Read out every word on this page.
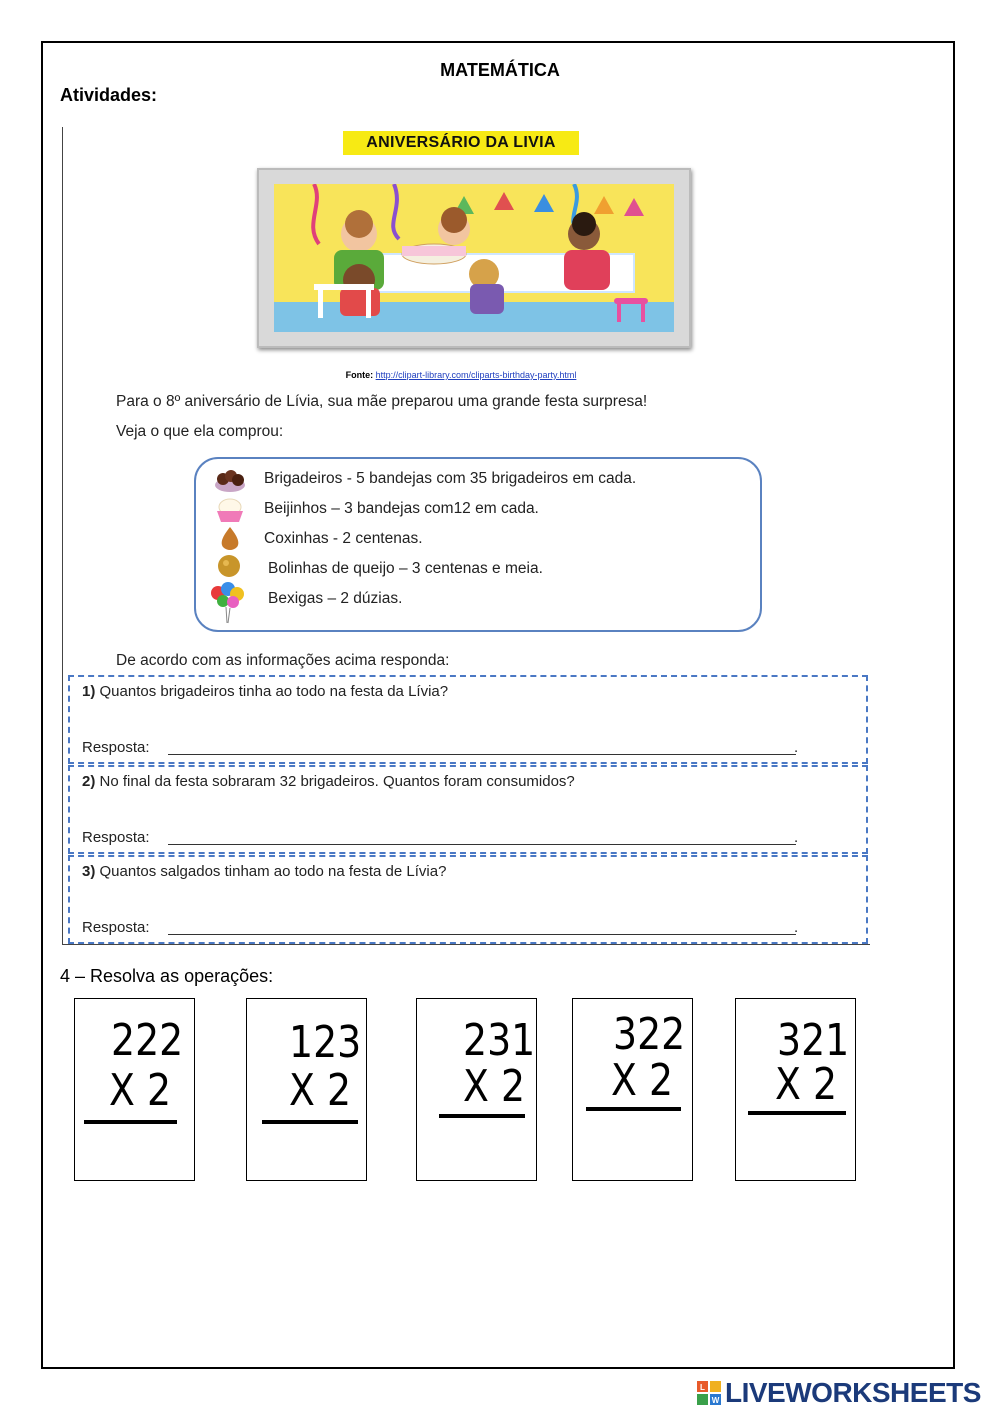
MATEMÁTICA
Atividades:
ANIVERSÁRIO DA LIVIA
Fonte: http://clipart-library.com/cliparts-birthday-party.html
Para o 8º aniversário de Lívia, sua mãe preparou uma grande festa surpresa!
Veja o que ela comprou:
Brigadeiros - 5 bandejas com 35 brigadeiros em cada.
Beijinhos – 3 bandejas com12 em cada.
Coxinhas - 2 centenas.
Bolinhas de queijo – 3 centenas e meia.
Bexigas – 2 dúzias.
De acordo com as informações acima responda:
1) Quantos brigadeiros tinha ao todo na festa da Lívia?
Resposta:	.
2) No final da festa sobraram 32 brigadeiros. Quantos foram consumidos?
Resposta:	.
3) Quantos salgados tinham ao todo na festa de Lívia?
Resposta:	.
4 – Resolva as operações:
222
X 2
123
X 2
231
X 2
322
X 2
321
X 2
L
W LIVEWORKSHEETS
